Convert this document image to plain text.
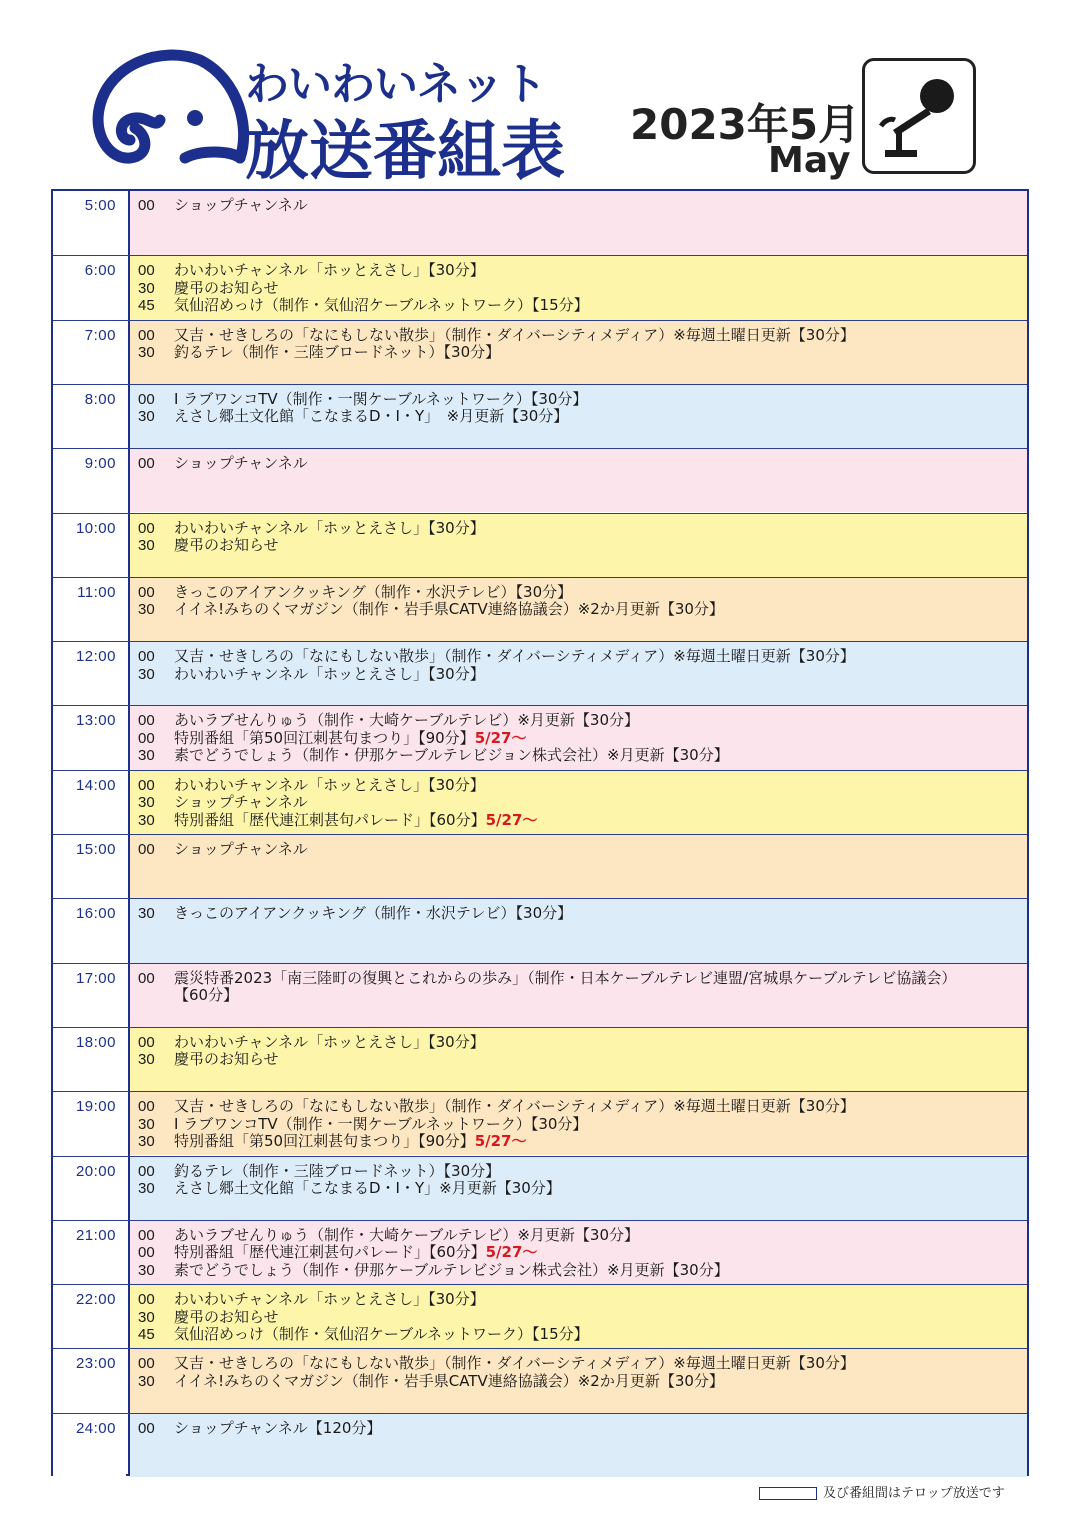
わいわいネット
放送番組表 2023年5月
May
5:00	00	ショップチャンネル
6:00	00	わいわいチャンネル「ホッとえさし」【30分】
30	慶弔のお知らせ
45	気仙沼めっけ（制作・気仙沼ケーブルネットワーク）【15分】
7:00	00	又吉・せきしろの「なにもしない散歩」（制作・ダイバーシティメディア）※毎週土曜日更新【30分】
30	釣るテレ（制作・三陸ブロードネット）【30分】
8:00	00	I ラブワンコTV（制作・一関ケーブルネットワーク）【30分】
30	えさし郷土文化館「こなまるD・I・Y」　※月更新【30分】
9:00	00	ショップチャンネル
10:00	00	わいわいチャンネル「ホッとえさし」【30分】
30	慶弔のお知らせ
11:00	00	きっこのアイアンクッキング（制作・水沢テレビ）【30分】
30	イイネ!みちのくマガジン（制作・岩手県CATV連絡協議会）※2か月更新【30分】
12:00	00	又吉・せきしろの「なにもしない散歩」（制作・ダイバーシティメディア）※毎週土曜日更新【30分】
30	わいわいチャンネル「ホッとえさし」【30分】
13:00	00	あいラブせんりゅう（制作・大崎ケーブルテレビ）※月更新【30分】
00	特別番組「第50回江刺甚句まつり」【90分】5/27～
30	素でどうでしょう（制作・伊那ケーブルテレビジョン株式会社）※月更新【30分】
14:00	00	わいわいチャンネル「ホッとえさし」【30分】
30	ショップチャンネル
30	特別番組「歴代連江刺甚句パレード」【60分】5/27～
15:00	00	ショップチャンネル
16:00	30	きっこのアイアンクッキング（制作・水沢テレビ）【30分】
17:00	00	震災特番2023「南三陸町の復興とこれからの歩み」（制作・日本ケーブルテレビ連盟/宮城県ケーブルテレビ協議会）
【60分】
18:00	00	わいわいチャンネル「ホッとえさし」【30分】
30	慶弔のお知らせ
19:00	00	又吉・せきしろの「なにもしない散歩」（制作・ダイバーシティメディア）※毎週土曜日更新【30分】
30	I ラブワンコTV（制作・一関ケーブルネットワーク）【30分】
30	特別番組「第50回江刺甚句まつり」【90分】5/27～
20:00	00	釣るテレ（制作・三陸ブロードネット）【30分】
30	えさし郷土文化館「こなまるD・I・Y」※月更新【30分】
21:00	00	あいラブせんりゅう（制作・大崎ケーブルテレビ）※月更新【30分】
00	特別番組「歴代連江刺甚句パレード」【60分】5/27～
30	素でどうでしょう（制作・伊那ケーブルテレビジョン株式会社）※月更新【30分】
22:00	00	わいわいチャンネル「ホッとえさし」【30分】
30	慶弔のお知らせ
45	気仙沼めっけ（制作・気仙沼ケーブルネットワーク）【15分】
23:00	00	又吉・せきしろの「なにもしない散歩」（制作・ダイバーシティメディア）※毎週土曜日更新【30分】
30	イイネ!みちのくマガジン（制作・岩手県CATV連絡協議会）※2か月更新【30分】
24:00	00	ショップチャンネル【120分】
及び番組間はテロップ放送です
